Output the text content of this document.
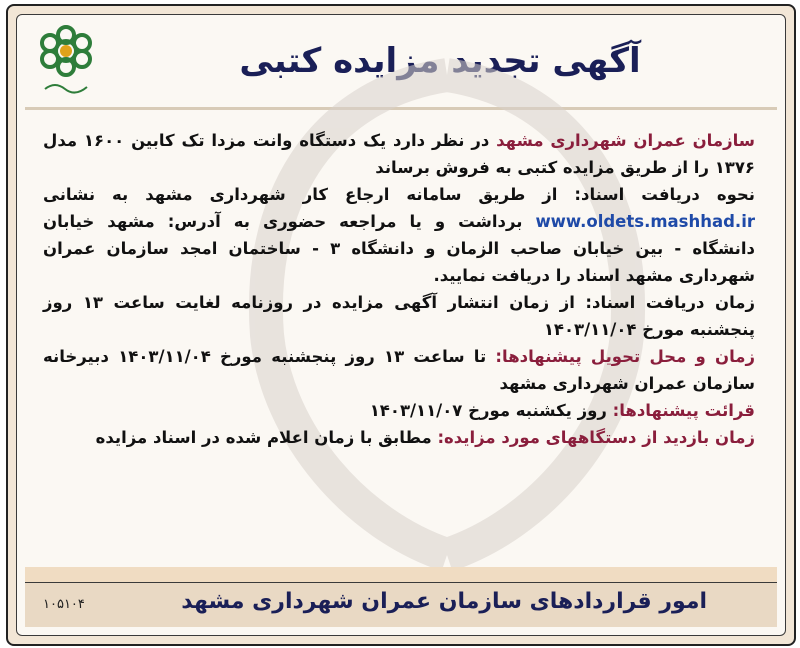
آگهی تجدید مزایده کتبی

سازمان عمران شهرداری مشهد در نظر دارد یک دستگاه وانت مزدا تک کابین ۱۶۰۰ مدل ۱۳۷۶ را از طریق مزایده کتبی به فروش برساند

نحوه دریافت اسناد: از طریق سامانه ارجاع کار شهرداری مشهد به نشانی www.oldets.mashhad.ir برداشت و یا مراجعه حضوری به آدرس: مشهد خیابان دانشگاه - بین خیابان صاحب الزمان و دانشگاه ۳ - ساختمان امجد سازمان عمران شهرداری مشهد اسناد را دریافت نمایید.

زمان دریافت اسناد: از زمان انتشار آگهی مزایده در روزنامه لغایت ساعت ۱۳ روز پنجشنبه مورخ ۱۴۰۳/۱۱/۰۴

زمان و محل تحویل پیشنهادها: تا ساعت ۱۳ روز پنجشنبه مورخ ۱۴۰۳/۱۱/۰۴ دبیرخانه سازمان عمران شهرداری مشهد

قرائت پیشنهادها: روز یکشنبه مورخ ۱۴۰۳/۱۱/۰۷

زمان بازدید از دستگاههای مورد مزایده: مطابق با زمان اعلام شده در اسناد مزایده

امور قراردادهای سازمان عمران شهرداری مشهد
۱۰۵۱۰۴
